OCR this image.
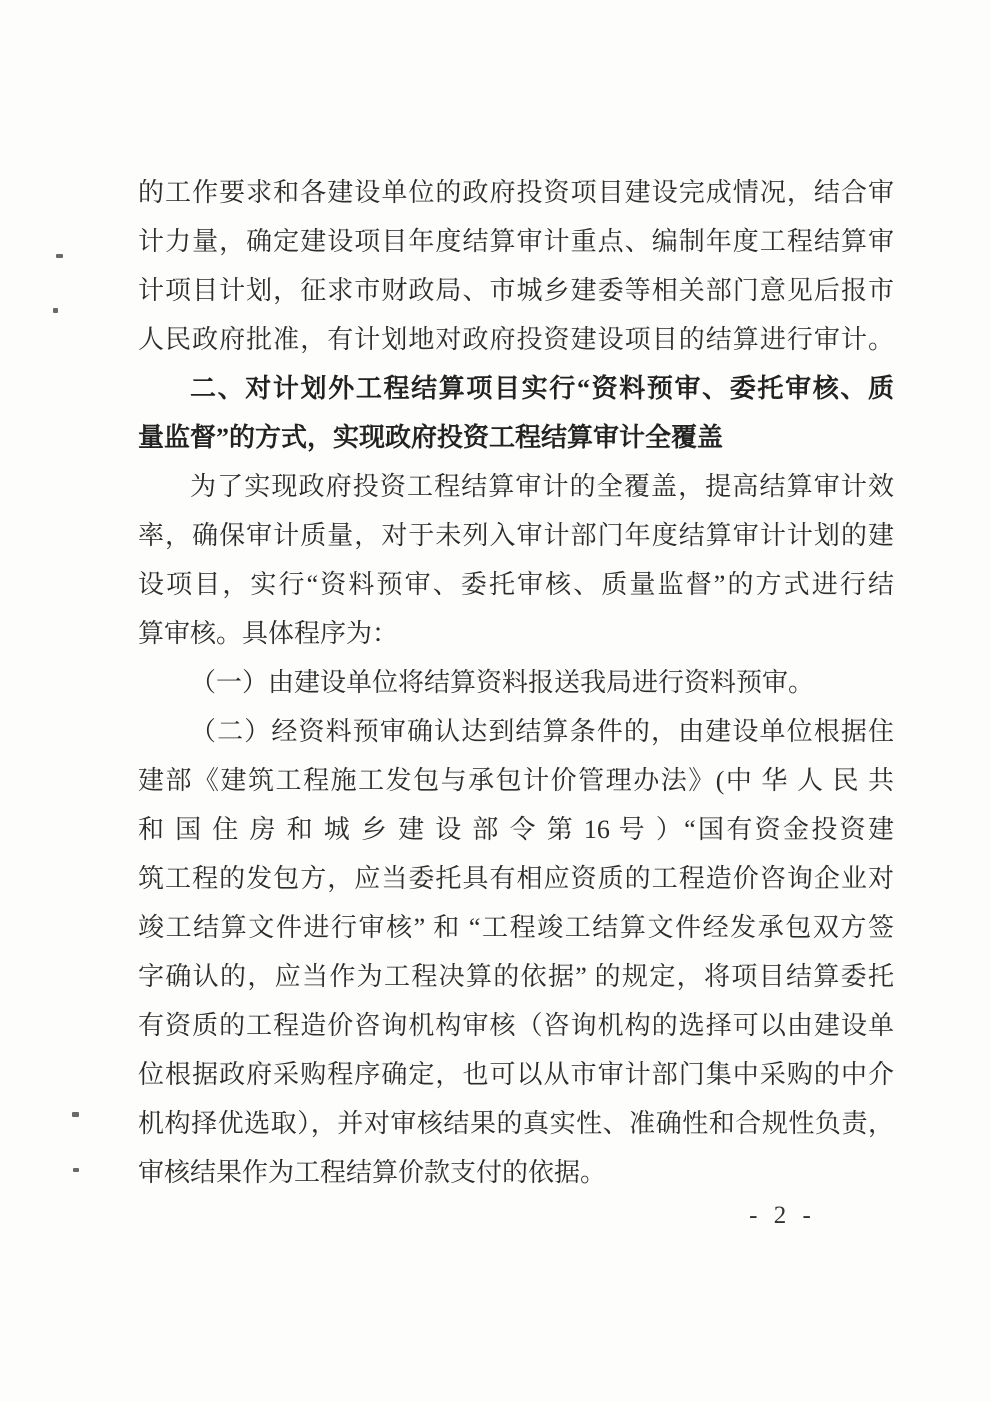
的工作要求和各建设单位的政府投资项目建设完成情况，结合审
计力量，确定建设项目年度结算审计重点、编制年度工程结算审
计项目计划，征求市财政局、市城乡建委等相关部门意见后报市
人民政府批准，有计划地对政府投资建设项目的结算进行审计。
二、对计划外工程结算项目实行“资料预审、委托审核、质
量监督”的方式，实现政府投资工程结算审计全覆盖
为了实现政府投资工程结算审计的全覆盖，提高结算审计效
率，确保审计质量，对于未列入审计部门年度结算审计计划的建
设项目，实行“资料预审、委托审核、质量监督”的方式进行结
算审核。具体程序为：
（一）由建设单位将结算资料报送我局进行资料预审。
（二）经资料预审确认达到结算条件的，由建设单位根据住
建部《建筑工程施工发包与承包计价管理办法》(中 华 人 民 共
和 国 住 房 和 城 乡 建 设 部 令 第 16 号 ）“国有资金投资建
筑工程的发包方，应当委托具有相应资质的工程造价咨询企业对
竣工结算文件进行审核” 和 “工程竣工结算文件经发承包双方签
字确认的，应当作为工程决算的依据” 的规定，将项目结算委托
有资质的工程造价咨询机构审核（咨询机构的选择可以由建设单
位根据政府采购程序确定，也可以从市审计部门集中采购的中介
机构择优选取），并对审核结果的真实性、准确性和合规性负责，
审核结果作为工程结算价款支付的依据。
- 2 -
